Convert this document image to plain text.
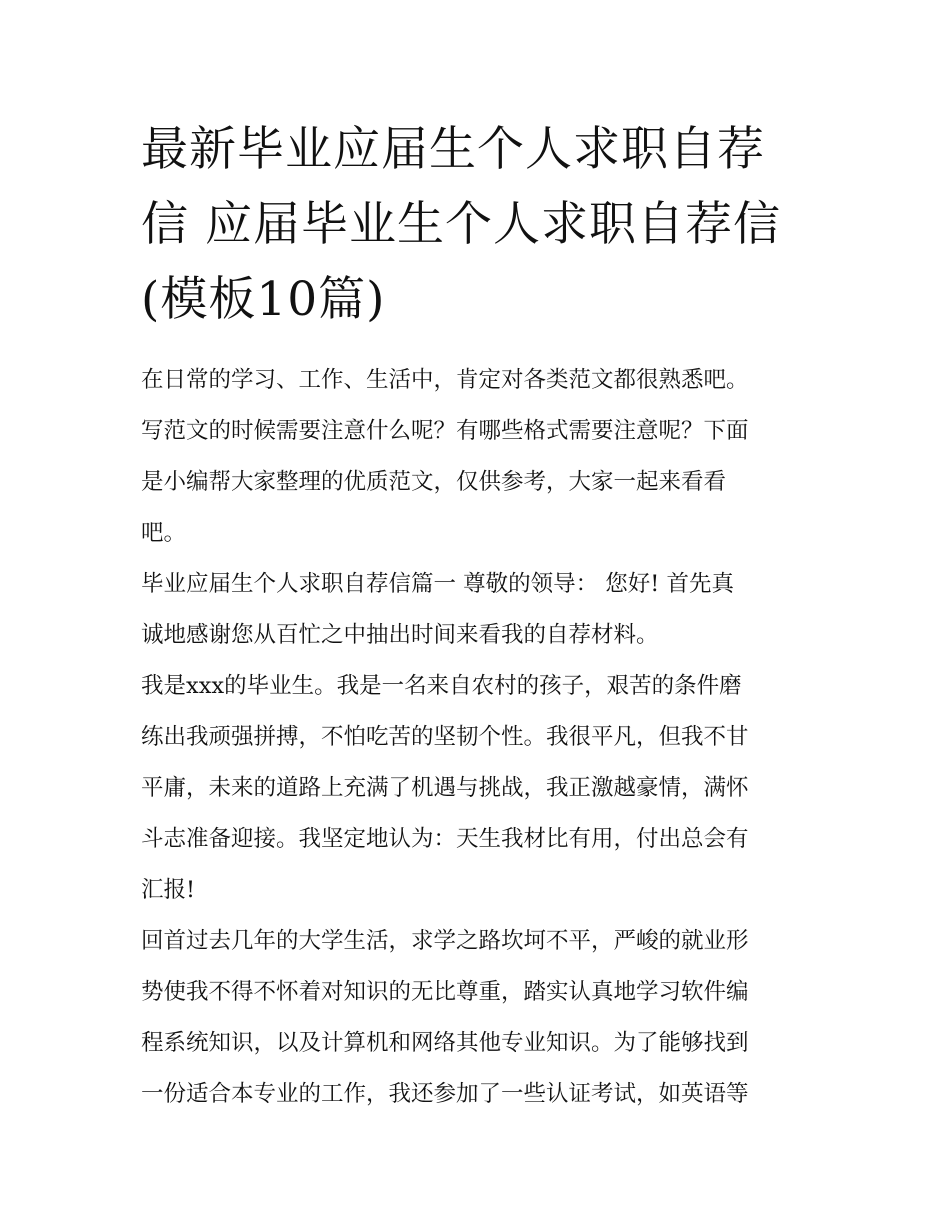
最新毕业应届生个人求职自荐
信 应届毕业生个人求职自荐信
(模板10篇)
在日常的学习、工作、生活中，肯定对各类范文都很熟悉吧。
写范文的时候需要注意什么呢？有哪些格式需要注意呢？下面
是小编帮大家整理的优质范文，仅供参考，大家一起来看看
吧。
毕业应届生个人求职自荐信篇一 尊敬的领导： 您好! 首先真
诚地感谢您从百忙之中抽出时间来看我的自荐材料。
我是xxx的毕业生。我是一名来自农村的孩子，艰苦的条件磨
练出我顽强拼搏，不怕吃苦的坚韧个性。我很平凡，但我不甘
平庸，未来的道路上充满了机遇与挑战，我正激越豪情，满怀
斗志准备迎接。我坚定地认为：天生我材比有用，付出总会有
汇报!
回首过去几年的大学生活，求学之路坎坷不平，严峻的就业形
势使我不得不怀着对知识的无比尊重，踏实认真地学习软件编
程系统知识，以及计算机和网络其他专业知识。为了能够找到
一份适合本专业的工作，我还参加了一些认证考试，如英语等
